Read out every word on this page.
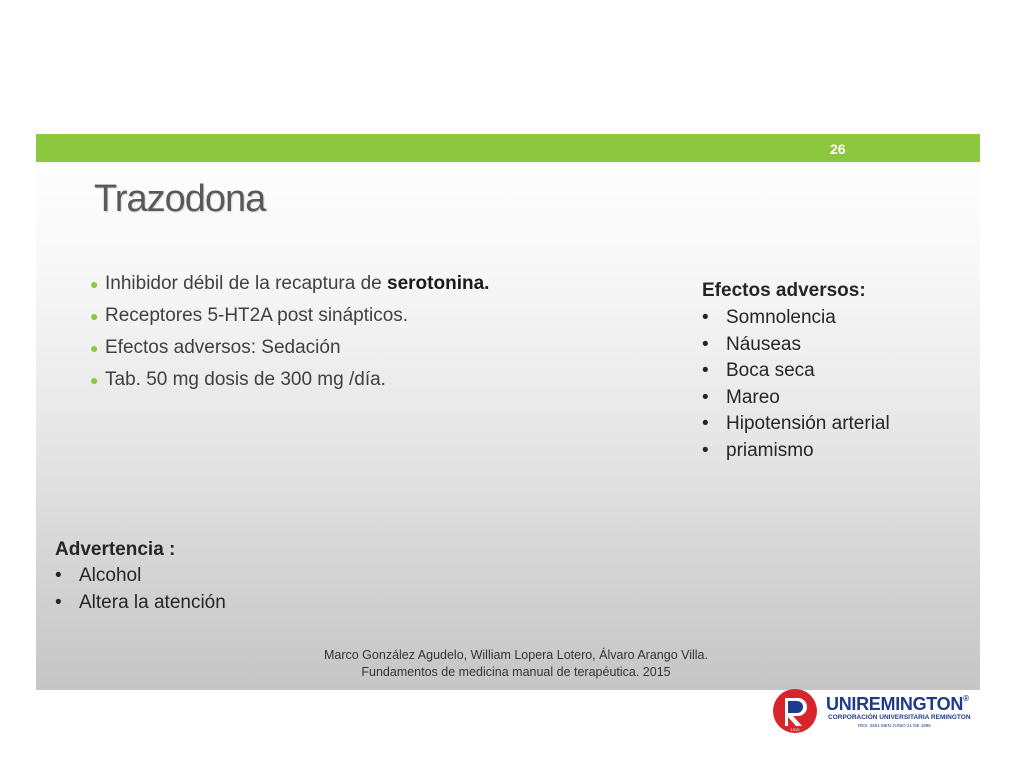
26
Trazodona
● Inhibidor débil de la recaptura de serotonina.
● Receptores 5-HT2A post sinápticos.
● Efectos adversos: Sedación
● Tab. 50 mg dosis de 300 mg /día.
Efectos adversos:
• Somnolencia
• Náuseas
• Boca seca
• Mareo
• Hipotensión arterial
• priamismo
Advertencia :
• Alcohol
• Altera la atención
Marco González Agudelo, William Lopera Lotero, Álvaro Arango Villa.
Fundamentos de medicina manual de terapéutica. 2015
1915
UNIREMINGTON®
CORPORACIÓN UNIVERSITARIA REMINGTON
RES. 2661 MEN JUNIO 21 DE 1996
